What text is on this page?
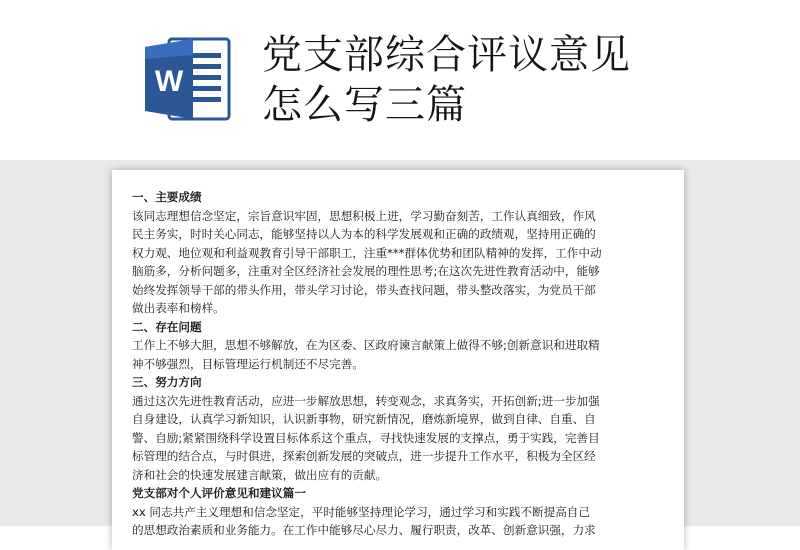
W
党支部综合评议意见
怎么写三篇

一、主要成绩

该同志理想信念坚定，宗旨意识牢固，思想积极上进，学习勤奋刻苦，工作认真细致，作风

民主务实，时时关心同志，能够坚持以人为本的科学发展观和正确的政绩观，坚持用正确的

权力观、地位观和利益观教育引导干部职工，注重***群体优势和团队精神的发挥，工作中动

脑筋多，分析问题多，注重对全区经济社会发展的理性思考;在这次先进性教育活动中，能够

始终发挥领导干部的带头作用，带头学习讨论，带头查找问题，带头整改落实，为党员干部

做出表率和榜样。

二、存在问题

工作上不够大胆，思想不够解放，在为区委、区政府谏言献策上做得不够;创新意识和进取精

神不够强烈，目标管理运行机制还不尽完善。

三、努力方向

通过这次先进性教育活动，应进一步解放思想，转变观念，求真务实，开拓创新;进一步加强

自身建设，认真学习新知识，认识新事物，研究新情况，磨炼新境界，做到自律、自重、自

警、自励;紧紧围绕科学设置目标体系这个重点，寻找快速发展的支撑点，勇于实践，完善目

标管理的结合点，与时俱进，探索创新发展的突破点，进一步提升工作水平，积极为全区经

济和社会的快速发展建言献策，做出应有的贡献。

党支部对个人评价意见和建议篇一

xx 同志共产主义理想和信念坚定，平时能够坚持理论学习，通过学习和实践不断提高自己

的思想政治素质和业务能力。在工作中能够尽心尽力、履行职责，改革、创新意识强，力求
